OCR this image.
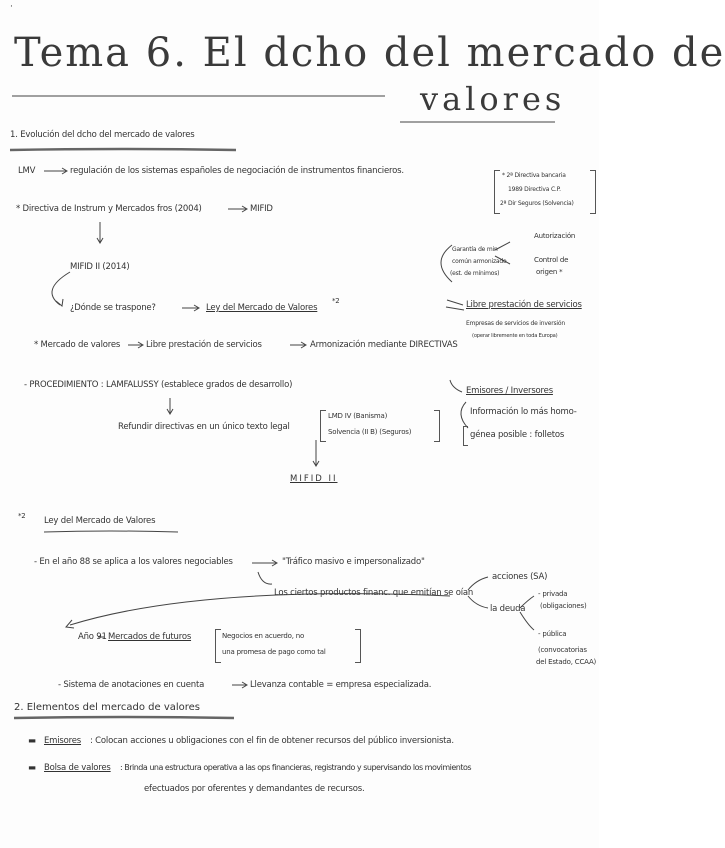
·
Tema 6. El dcho del mercado de
valores
1. Evolución del dcho del mercado de valores
LMV	regulación de los sistemas españoles de negociación de instrumentos financieros.
* Directiva de Instrum y Mercados fros (2004)	MIFID
MIFID II (2014)
¿Dónde se traspone?	Ley del Mercado de Valores
*2
* Mercado de valores	Libre prestación de servicios	Armonización mediante DIRECTIVAS
- PROCEDIMIENTO : LAMFALUSSY (establece grados de desarrollo)
Refundir directivas en un único texto legal
LMD IV (Banisma)
Solvencia (II B) (Seguros)
MIFID II
* 2ª Directiva bancaria
1989 Directiva C.P.
2ª Dir Seguros (Solvencia)
Garantía de min
común armonizado
(est. de mínimos)
Autorización
Control de
origen *
Libre prestación de servicios
Empresas de servicios de inversión
(operar libremente en toda Europa)
Emisores / Inversores
Información lo más homo-
génea posible : folletos
*2 Ley del Mercado de Valores
- En el año 88 se aplica a los valores negociables	"Tráfico masivo e impersonalizado"
Los ciertos productos financ. que emitían se oían
acciones (SA)
la deuda
- privada
(obligaciones)
- pública
(convocatorias
del Estado, CCAA)
Año 91 Mercados de futuros	Negocios en acuerdo, no
una promesa de pago como tal
- Sistema de anotaciones en cuenta	Llevanza contable = empresa especializada.
2. Elementos del mercado de valores
▬ Emisores : Colocan acciones u obligaciones con el fin de obtener recursos del público inversionista.
▬ Bolsa de valores : Brinda una estructura operativa a las ops financieras, registrando y supervisando los movimientos
efectuados por oferentes y demandantes de recursos.
